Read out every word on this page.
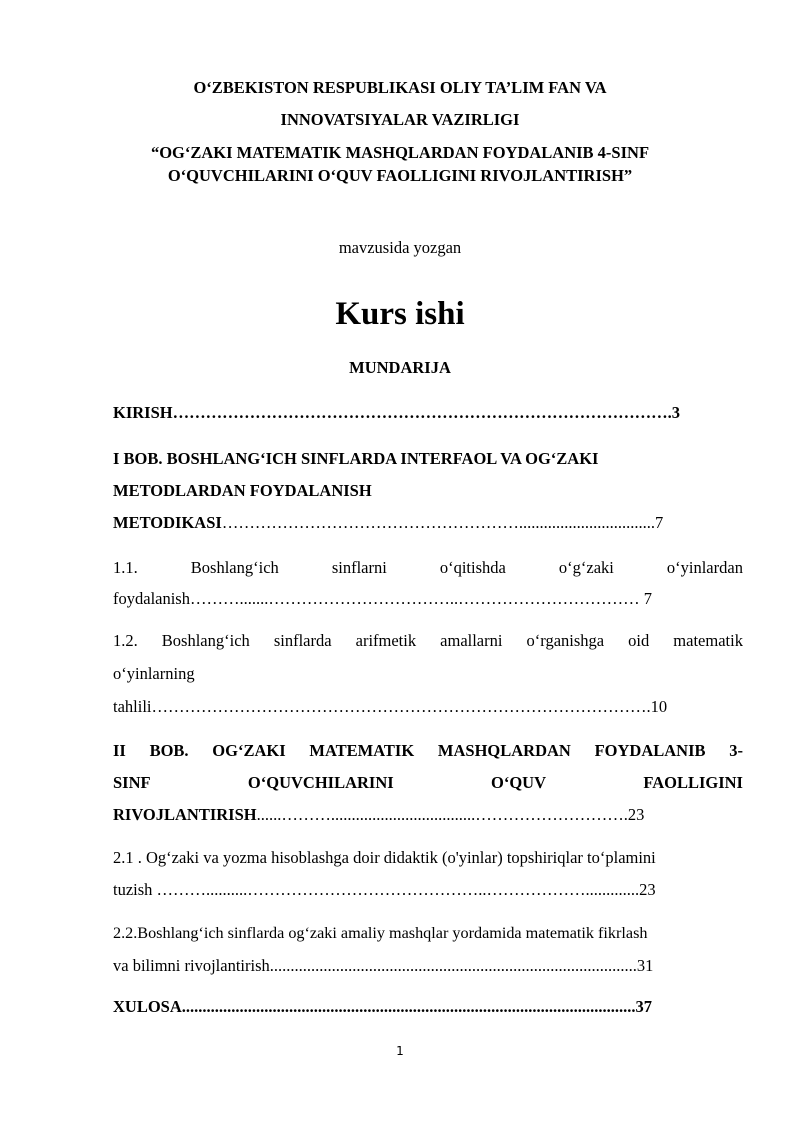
O‘ZBEKISTON RESPUBLIKASI OLIY TA’LIM FAN VA
INNOVATSIYALAR VAZIRLIGI
“OG‘ZAKI MATEMATIK MASHQLARDAN FOYDALANIB 4-SINF
O‘QUVCHILARINI O‘QUV FAOLLIGINI RIVOJLANTIRISH”
mavzusida yozgan
Kurs ishi
MUNDARIJA
KIRISH……………………………………………………………………………….3
I BOB. BOSHLANG‘ICH SINFLARDA INTERFAOL VA OG‘ZAKI
METODLARDAN FOYDALANISH
METODIKASI……………………………………………….................................7
1.1.	Boshlang‘ich	sinflarni	o‘qitishda	o‘g‘zaki	o‘yinlardan
foydalanish……….......……………………………..…………………………… 7
1.2. Boshlang‘ich sinflarda arifmetik amallarni o‘rganishga oid matematik
o‘yinlarning
tahlili……………………………………………………………………………….10
II BOB. OG‘ZAKI MATEMATIK MASHQLARDAN FOYDALANIB 3-
SINF	O‘QUVCHILARINI	O‘QUV	FAOLLIGINI
RIVOJLANTIRISH......………...................................……………………….23
2.1 . Og‘zaki va yozma hisoblashga doir didaktik (o'yinlar) topshiriqlar to‘plamini
tuzish ………..........……………………………………..……………….............23
2.2.Boshlang‘ich sinflarda og‘zaki amaliy mashqlar yordamida matematik fikrlash
va bilimni rivojlantirish.........................................................................................31
XULOSA..............................................................................................................37
1
